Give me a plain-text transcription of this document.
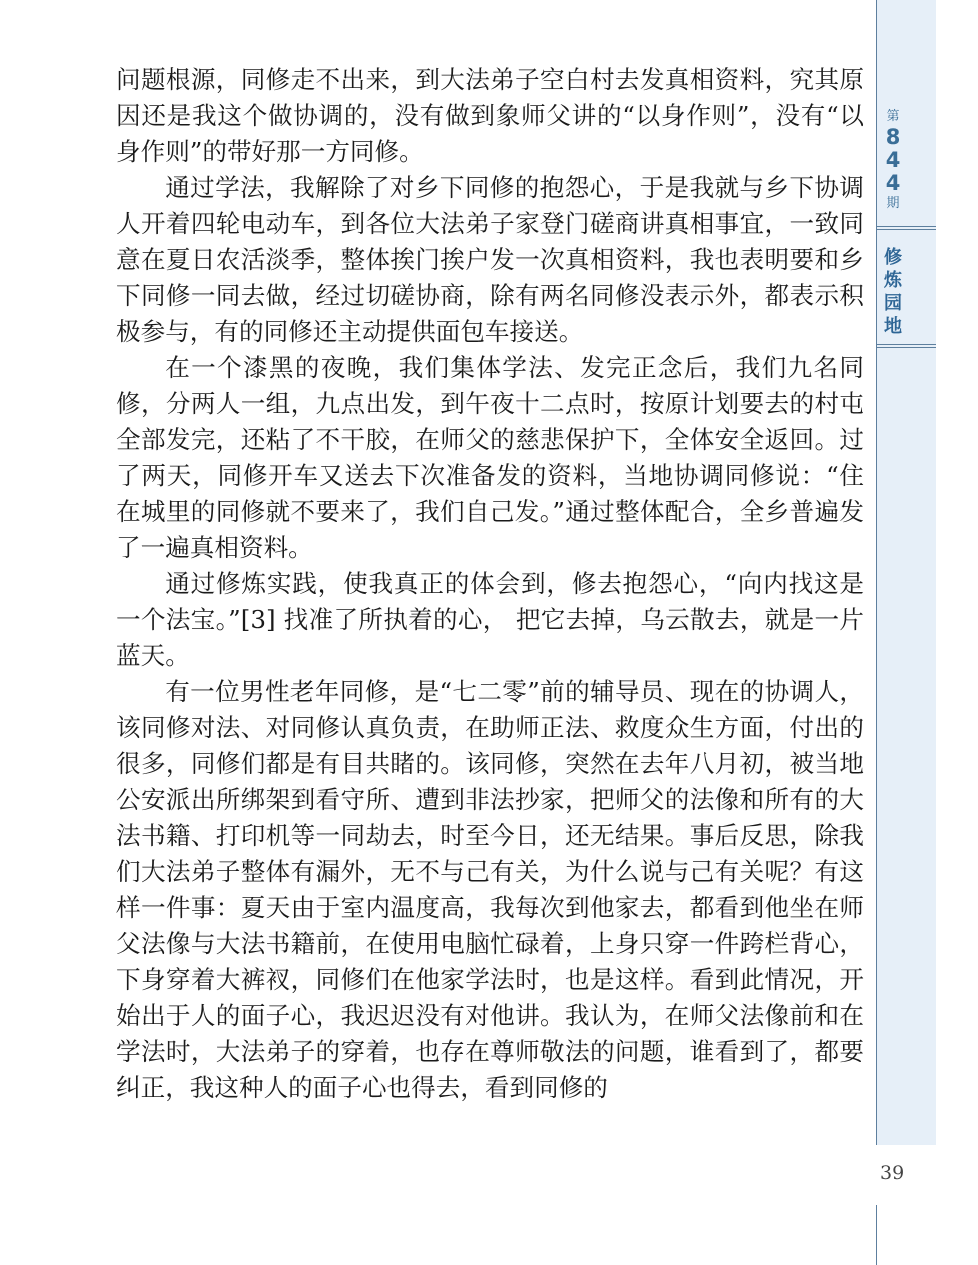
第
8
4
4
期
修
炼
园
地

问题根源，同修走不出来，到大法弟子空白村去发真相资料，究其原因还是我这个做协调的，没有做到象师父讲的“以身作则”，没有“以身作则”的带好那一方同修。

通过学法，我解除了对乡下同修的抱怨心，于是我就与乡下协调人开着四轮电动车，到各位大法弟子家登门磋商讲真相事宜，一致同意在夏日农活淡季，整体挨门挨户发一次真相资料，我也表明要和乡下同修一同去做，经过切磋协商，除有两名同修没表示外，都表示积极参与，有的同修还主动提供面包车接送。

在一个漆黑的夜晚，我们集体学法、发完正念后，我们九名同修，分两人一组，九点出发，到午夜十二点时，按原计划要去的村屯全部发完，还粘了不干胶，在师父的慈悲保护下，全体安全返回。过了两天，同修开车又送去下次准备发的资料，当地协调同修说：“住在城里的同修就不要来了，我们自己发。”通过整体配合，全乡普遍发了一遍真相资料。

通过修炼实践，使我真正的体会到，修去抱怨心，“向内找这是一个法宝。”[3] 找准了所执着的心， 把它去掉，乌云散去，就是一片蓝天。

有一位男性老年同修，是“七二零”前的辅导员、现在的协调人，该同修对法、对同修认真负责，在助师正法、救度众生方面，付出的很多，同修们都是有目共睹的。该同修，突然在去年八月初，被当地公安派出所绑架到看守所、遭到非法抄家，把师父的法像和所有的大法书籍、打印机等一同劫去，时至今日，还无结果。事后反思，除我们大法弟子整体有漏外，无不与己有关，为什么说与己有关呢？有这样一件事：夏天由于室内温度高，我每次到他家去，都看到他坐在师父法像与大法书籍前，在使用电脑忙碌着，上身只穿一件跨栏背心，下身穿着大裤衩，同修们在他家学法时，也是这样。看到此情况，开始出于人的面子心，我迟迟没有对他讲。我认为，在师父法像前和在学法时，大法弟子的穿着，也存在尊师敬法的问题，谁看到了，都要纠正，我这种人的面子心也得去，看到同修的

39
